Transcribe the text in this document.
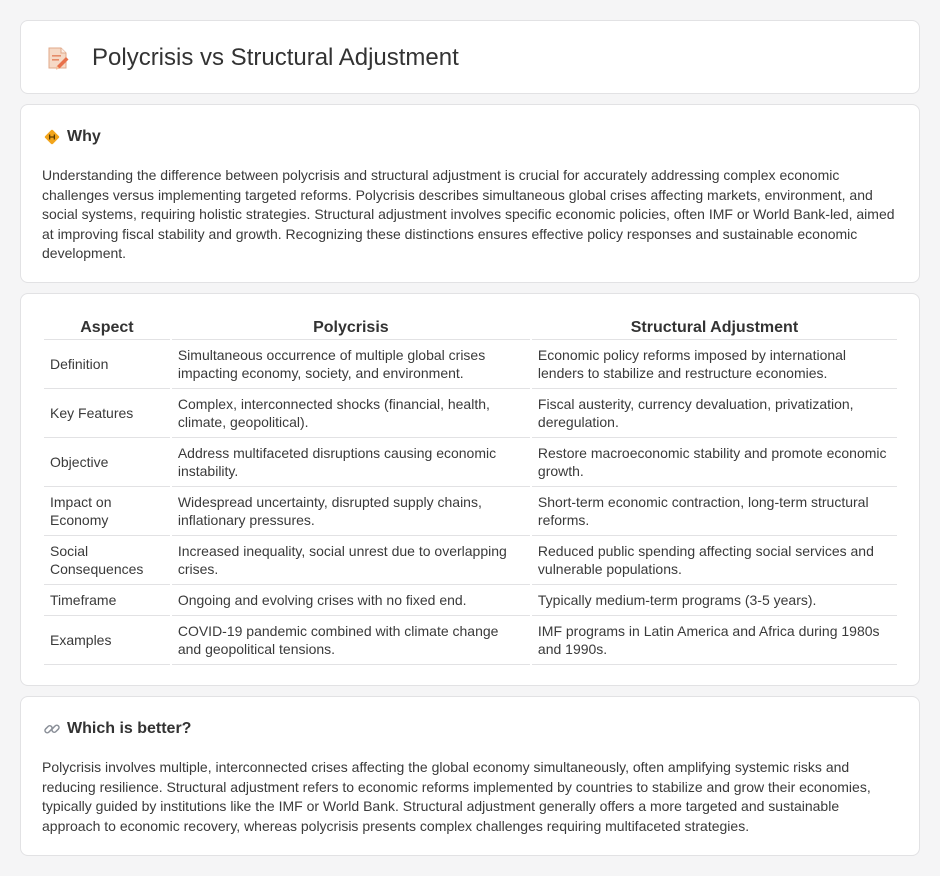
Polycrisis vs Structural Adjustment
Why

Understanding the difference between polycrisis and structural adjustment is crucial for accurately addressing complex economic challenges versus implementing targeted reforms. Polycrisis describes simultaneous global crises affecting markets, environment, and social systems, requiring holistic strategies. Structural adjustment involves specific economic policies, often IMF or World Bank-led, aimed at improving fiscal stability and growth. Recognizing these distinctions ensures effective policy responses and sustainable economic development.

Aspect	Polycrisis	Structural Adjustment
Definition	Simultaneous occurrence of multiple global crises impacting economy, society, and environment.	Economic policy reforms imposed by international lenders to stabilize and restructure economies.
Key Features	Complex, interconnected shocks (financial, health, climate, geopolitical).	Fiscal austerity, currency devaluation, privatization, deregulation.
Objective	Address multifaceted disruptions causing economic instability.	Restore macroeconomic stability and promote economic growth.
Impact on Economy	Widespread uncertainty, disrupted supply chains, inflationary pressures.	Short-term economic contraction, long-term structural reforms.
Social Consequences	Increased inequality, social unrest due to overlapping crises.	Reduced public spending affecting social services and vulnerable populations.
Timeframe	Ongoing and evolving crises with no fixed end.	Typically medium-term programs (3-5 years).
Examples	COVID-19 pandemic combined with climate change and geopolitical tensions.	IMF programs in Latin America and Africa during 1980s and 1990s.
Which is better?

Polycrisis involves multiple, interconnected crises affecting the global economy simultaneously, often amplifying systemic risks and reducing resilience. Structural adjustment refers to economic reforms implemented by countries to stabilize and grow their economies, typically guided by institutions like the IMF or World Bank. Structural adjustment generally offers a more targeted and sustainable approach to economic recovery, whereas polycrisis presents complex challenges requiring multifaceted strategies.
